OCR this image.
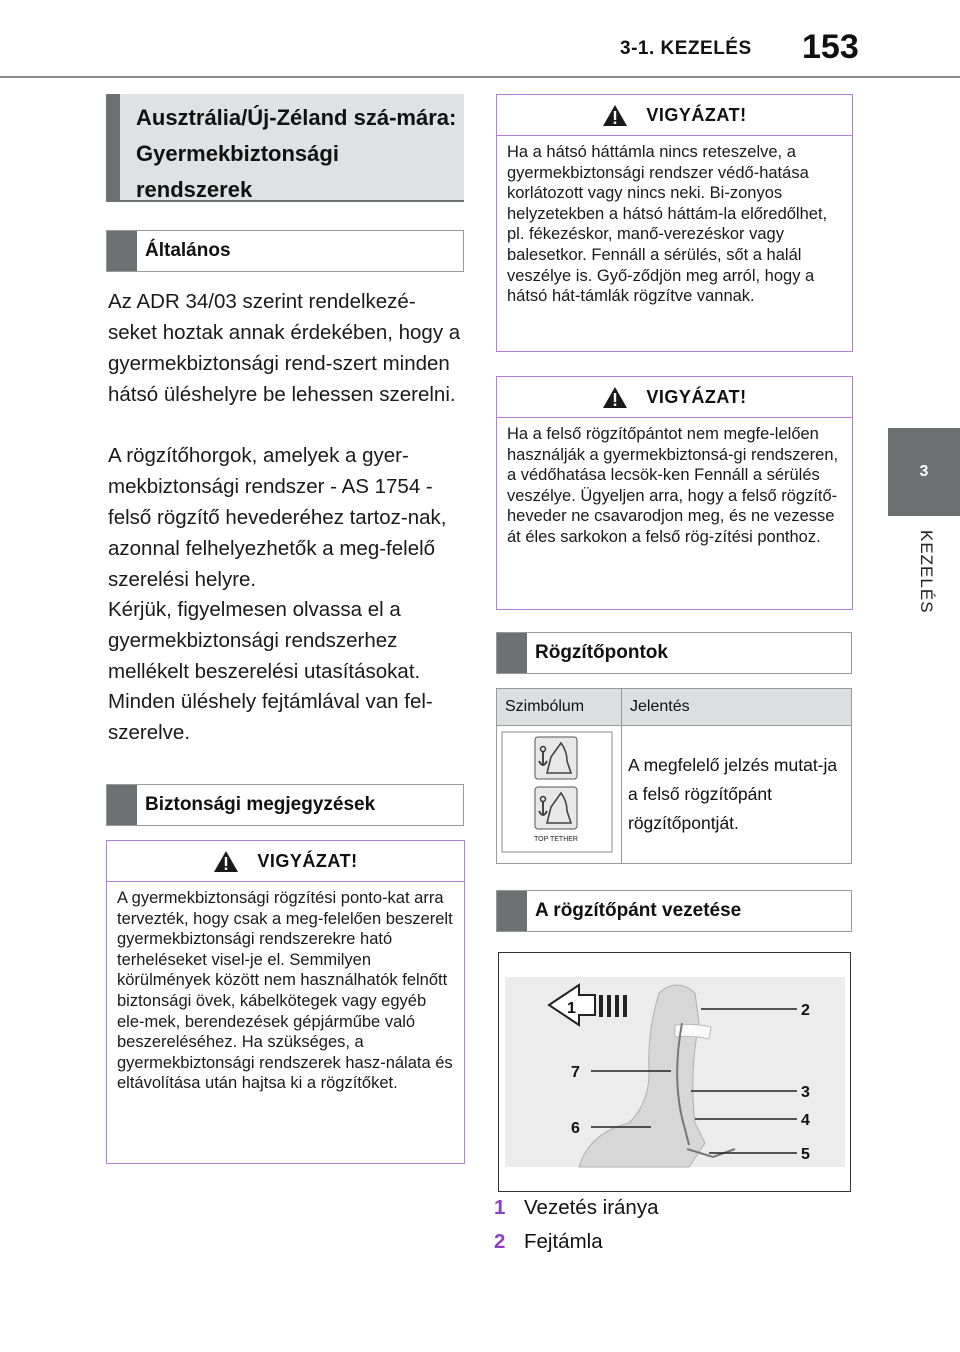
3-1. KEZELÉS 153
3
KEZELÉS
Ausztrália/Új-Zéland szá-mára: Gyermekbiztonsági rendszerek
Általános

Az ADR 34/03 szerint rendelkezé-seket hoztak annak érdekében, hogy a gyermekbiztonsági rend-szert minden hátsó üléshelyre be lehessen szerelni.

A rögzítőhorgok, amelyek a gyer-mekbiztonsági rendszer - AS 1754 - felső rögzítő hevederéhez tartoz-nak, azonnal felhelyezhetők a meg-felelő szerelési helyre.

Kérjük, figyelmesen olvassa el a gyermekbiztonsági rendszerhez mellékelt beszerelési utasításokat.

Minden üléshely fejtámlával van fel-szerelve.

Biztonsági megjegyzések
VIGYÁZAT!
A gyermekbiztonsági rögzítési ponto-kat arra tervezték, hogy csak a meg-felelően beszerelt gyermekbiztonsági rendszerekre ható terheléseket visel-je el. Semmilyen körülmények között nem használhatók felnőtt biztonsági övek, kábelkötegek vagy egyéb ele-mek, berendezések gépjárműbe való beszereléséhez. Ha szükséges, a gyermekbiztonsági rendszerek hasz-nálata és eltávolítása után hajtsa ki a rögzítőket.
VIGYÁZAT!
Ha a hátsó háttámla nincs reteszelve, a gyermekbiztonsági rendszer védő-hatása korlátozott vagy nincs neki. Bi-zonyos helyzetekben a hátsó háttám-la előredőlhet, pl. fékezéskor, manő-verezéskor vagy balesetkor. Fennáll a sérülés, sőt a halál veszélye is. Győ-ződjön meg arról, hogy a hátsó hát-támlák rögzítve vannak.
VIGYÁZAT!
Ha a felső rögzítőpántot nem megfe-lelően használják a gyermekbiztonsá-gi rendszeren, a védőhatása lecsök-ken Fennáll a sérülés veszélye. Ügyeljen arra, hogy a felső rögzítő-heveder ne csavarodjon meg, és ne vezesse át éles sarkokon a felső rög-zítési ponthoz.
Rögzítőpontok
Szimbólum	Jelentés

TOP TETHER	A megfelelő jelzés mutat-ja a felső rögzítőpánt rögzítőpontját.
A rögzítőpánt vezetése
1	2
3
4
5
6
7
1 Vezetés iránya
2 Fejtámla
